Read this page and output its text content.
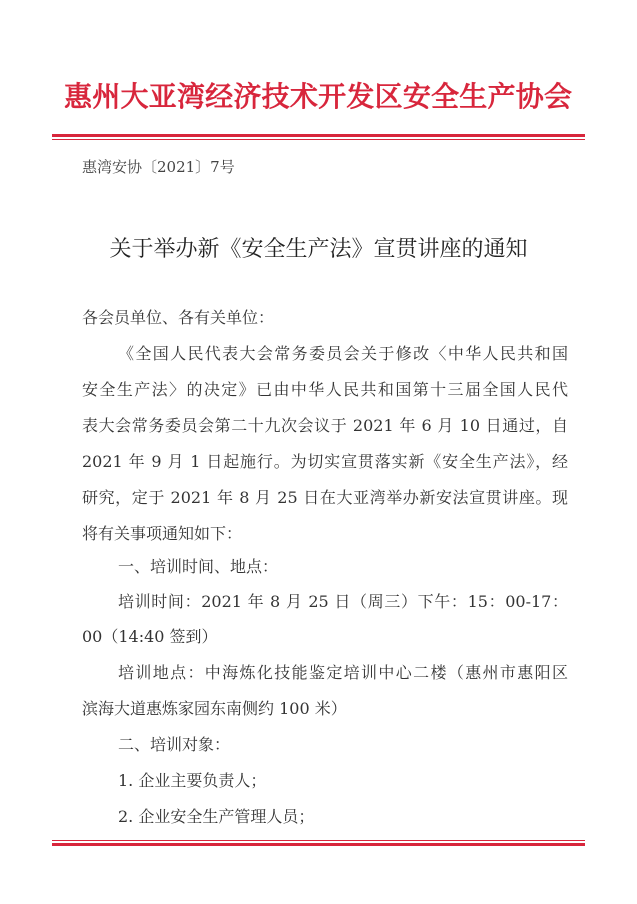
惠州大亚湾经济技术开发区安全生产协会
惠湾安协〔2021〕7号
关于举办新《安全生产法》宣贯讲座的通知
各会员单位、各有关单位：
《全国人民代表大会常务委员会关于修改〈中华人民共和国
安全生产法〉的决定》已由中华人民共和国第十三届全国人民代
表大会常务委员会第二十九次会议于 2021 年 6 月 10 日通过，自
2021 年 9 月 1 日起施行。为切实宣贯落实新《安全生产法》，经
研究，定于 2021 年 8 月 25 日在大亚湾举办新安法宣贯讲座。现
将有关事项通知如下：
一、培训时间、地点：
培训时间：2021 年 8 月 25 日（周三）下午：15：00-17：
00（14:40 签到）
培训地点：中海炼化技能鉴定培训中心二楼（惠州市惠阳区
滨海大道惠炼家园东南侧约 100 米）
二、培训对象：
1. 企业主要负责人；
2. 企业安全生产管理人员；
